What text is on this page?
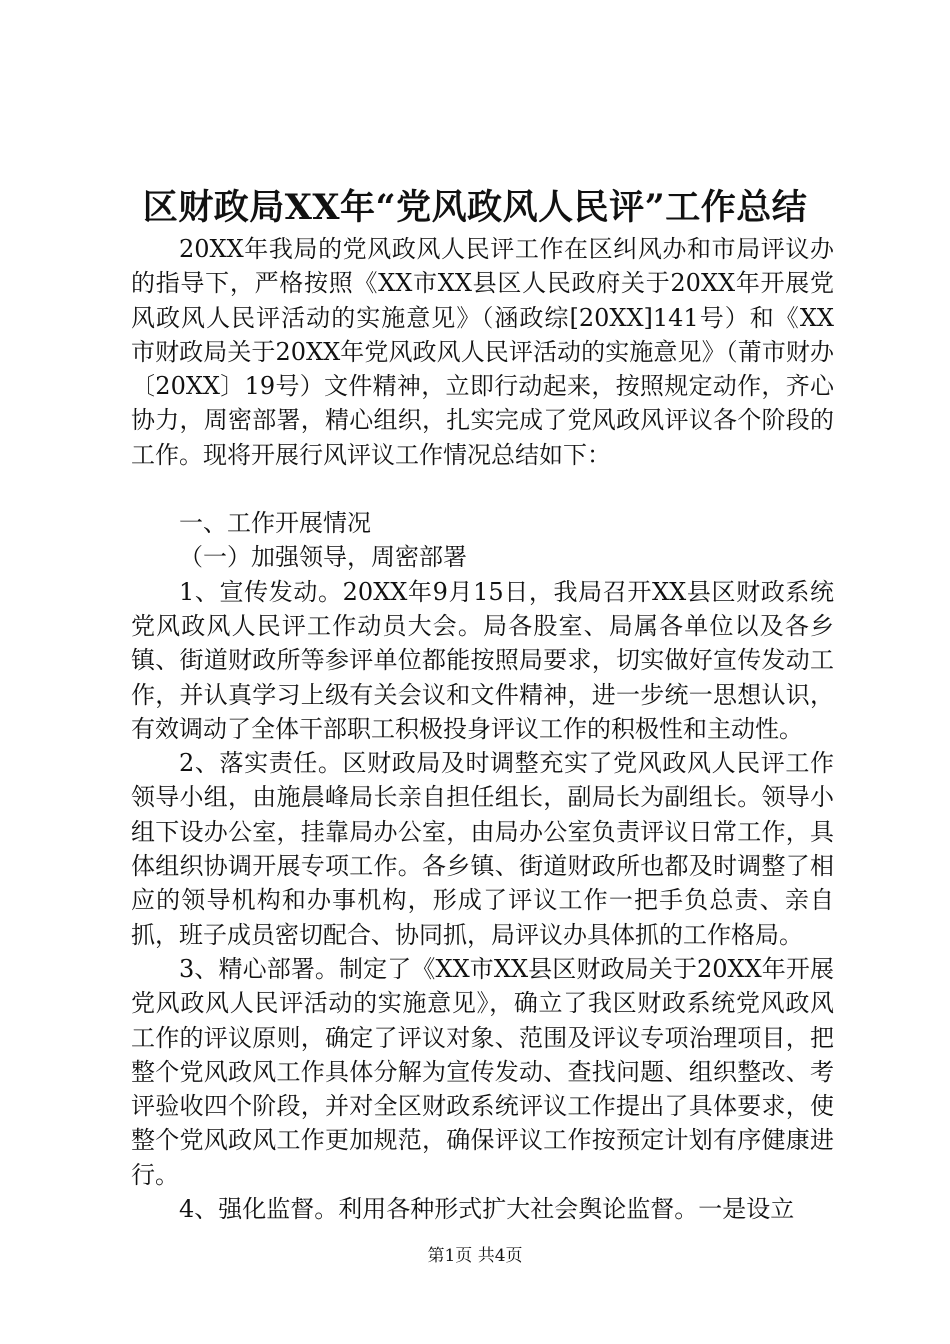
区财政局XX年“党风政风人民评”工作总结

20XX年我局的党风政风人民评工作在区纠风办和市局评议办的指导下，严格按照《XX市XX县区人民政府关于20XX年开展党风政风人民评活动的实施意见》（涵政综[20XX]141号）和《XX市财政局关于20XX年党风政风人民评活动的实施意见》（莆市财办〔20XX〕19号）文件精神，立即行动起来，按照规定动作，齐心协力，周密部署，精心组织，扎实完成了党风政风评议各个阶段的工作。现将开展行风评议工作情况总结如下：

一、工作开展情况

（一）加强领导，周密部署

1、宣传发动。20XX年9月15日，我局召开XX县区财政系统党风政风人民评工作动员大会。局各股室、局属各单位以及各乡镇、街道财政所等参评单位都能按照局要求，切实做好宣传发动工作，并认真学习上级有关会议和文件精神，进一步统一思想认识，有效调动了全体干部职工积极投身评议工作的积极性和主动性。

2、落实责任。区财政局及时调整充实了党风政风人民评工作领导小组，由施晨峰局长亲自担任组长，副局长为副组长。领导小组下设办公室，挂靠局办公室，由局办公室负责评议日常工作，具体组织协调开展专项工作。各乡镇、街道财政所也都及时调整了相应的领导机构和办事机构，形成了评议工作一把手负总责、亲自抓，班子成员密切配合、协同抓，局评议办具体抓的工作格局。

3、精心部署。制定了《XX市XX县区财政局关于20XX年开展党风政风人民评活动的实施意见》，确立了我区财政系统党风政风工作的评议原则，确定了评议对象、范围及评议专项治理项目，把整个党风政风工作具体分解为宣传发动、查找问题、组织整改、考评验收四个阶段，并对全区财政系统评议工作提出了具体要求，使整个党风政风工作更加规范，确保评议工作按预定计划有序健康进行。

4、强化监督。利用各种形式扩大社会舆论监督。一是设立

第1页 共4页
